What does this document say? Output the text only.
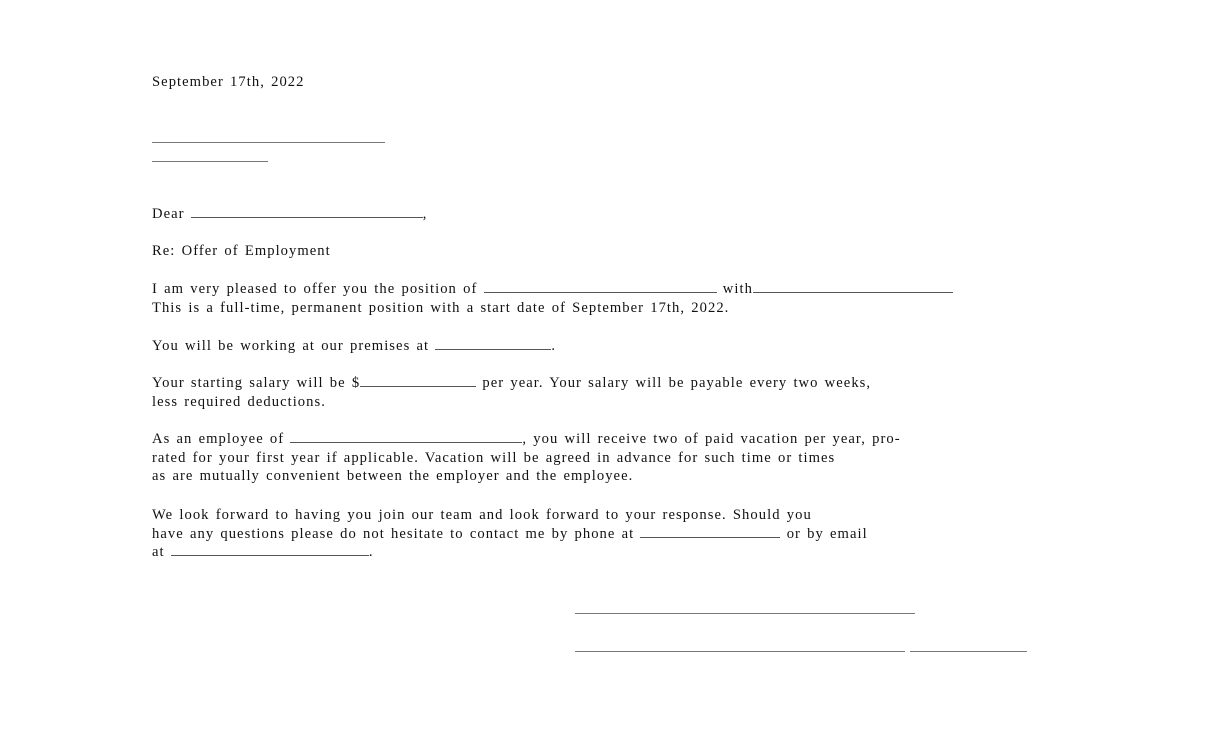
September 17th, 2022
Dear	,
Re: Offer of Employment
I am very pleased to offer you the position of	with
This is a full-time, permanent position with a start date of September 17th, 2022.
You will be working at our premises at	.
Your starting salary will be $	per year. Your salary will be payable every two weeks,
less required deductions.
As an employee of	, you will receive two of paid vacation per year, pro-
rated for your first year if applicable. Vacation will be agreed in advance for such time or times
as are mutually convenient between the employer and the employee.
We look forward to having you join our team and look forward to your response. Should you
have any questions please do not hesitate to contact me by phone at	or by email
at	.
